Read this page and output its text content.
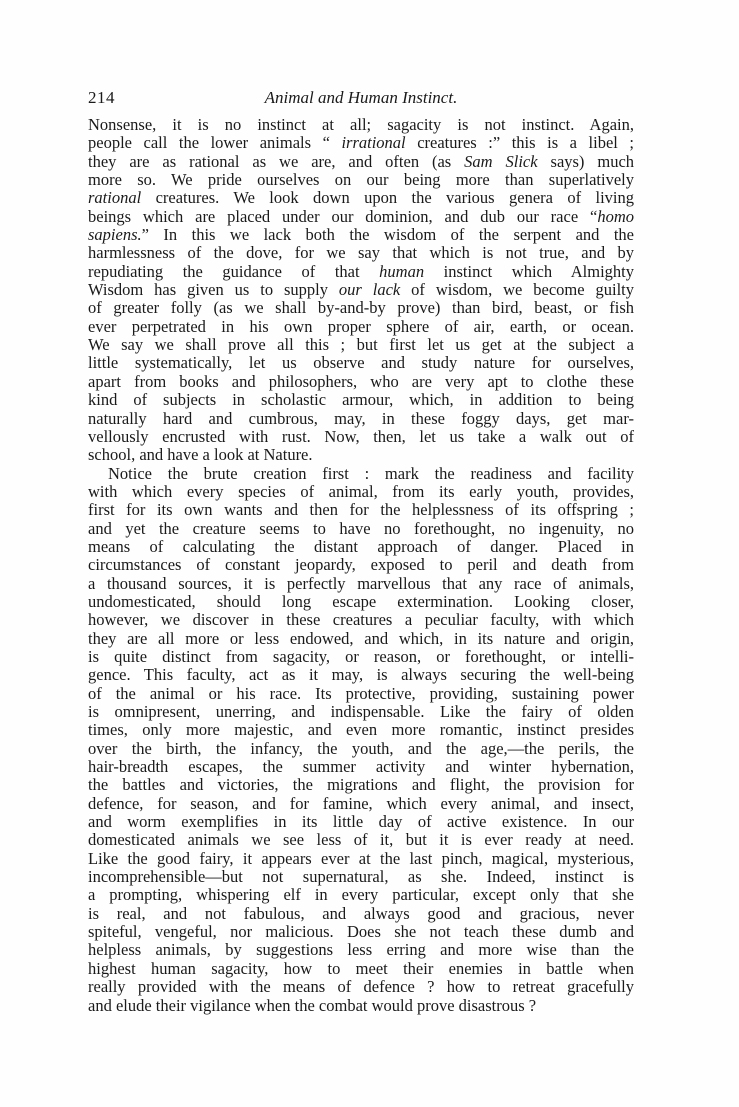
214	Animal and Human Instinct.
Nonsense, it is no instinct at all; sagacity is not instinct. Again,
people call the lower animals “ irrational creatures :” this is a libel ;
they are as rational as we are, and often (as Sam Slick says) much
more so. We pride ourselves on our being more than superlatively
rational creatures. We look down upon the various genera of living
beings which are placed under our dominion, and dub our race “homo
sapiens.” In this we lack both the wisdom of the serpent and the
harmlessness of the dove, for we say that which is not true, and by
repudiating the guidance of that human instinct which Almighty
Wisdom has given us to supply our lack of wisdom, we become guilty
of greater folly (as we shall by-and-by prove) than bird, beast, or fish
ever perpetrated in his own proper sphere of air, earth, or ocean.
We say we shall prove all this ; but first let us get at the subject a
little systematically, let us observe and study nature for ourselves,
apart from books and philosophers, who are very apt to clothe these
kind of subjects in scholastic armour, which, in addition to being
naturally hard and cumbrous, may, in these foggy days, get mar-
vellously encrusted with rust. Now, then, let us take a walk out of
school, and have a look at Nature.
Notice the brute creation first : mark the readiness and facility
with which every species of animal, from its early youth, provides,
first for its own wants and then for the helplessness of its offspring ;
and yet the creature seems to have no forethought, no ingenuity, no
means of calculating the distant approach of danger. Placed in
circumstances of constant jeopardy, exposed to peril and death from
a thousand sources, it is perfectly marvellous that any race of animals,
undomesticated, should long escape extermination. Looking closer,
however, we discover in these creatures a peculiar faculty, with which
they are all more or less endowed, and which, in its nature and origin,
is quite distinct from sagacity, or reason, or forethought, or intelli-
gence. This faculty, act as it may, is always securing the well-being
of the animal or his race. Its protective, providing, sustaining power
is omnipresent, unerring, and indispensable. Like the fairy of olden
times, only more majestic, and even more romantic, instinct presides
over the birth, the infancy, the youth, and the age,—the perils, the
hair-breadth escapes, the summer activity and winter hybernation,
the battles and victories, the migrations and flight, the provision for
defence, for season, and for famine, which every animal, and insect,
and worm exemplifies in its little day of active existence. In our
domesticated animals we see less of it, but it is ever ready at need.
Like the good fairy, it appears ever at the last pinch, magical, mysterious,
incomprehensible—but not supernatural, as she. Indeed, instinct is
a prompting, whispering elf in every particular, except only that she
is real, and not fabulous, and always good and gracious, never
spiteful, vengeful, nor malicious. Does she not teach these dumb and
helpless animals, by suggestions less erring and more wise than the
highest human sagacity, how to meet their enemies in battle when
really provided with the means of defence ? how to retreat gracefully
and elude their vigilance when the combat would prove disastrous ?
